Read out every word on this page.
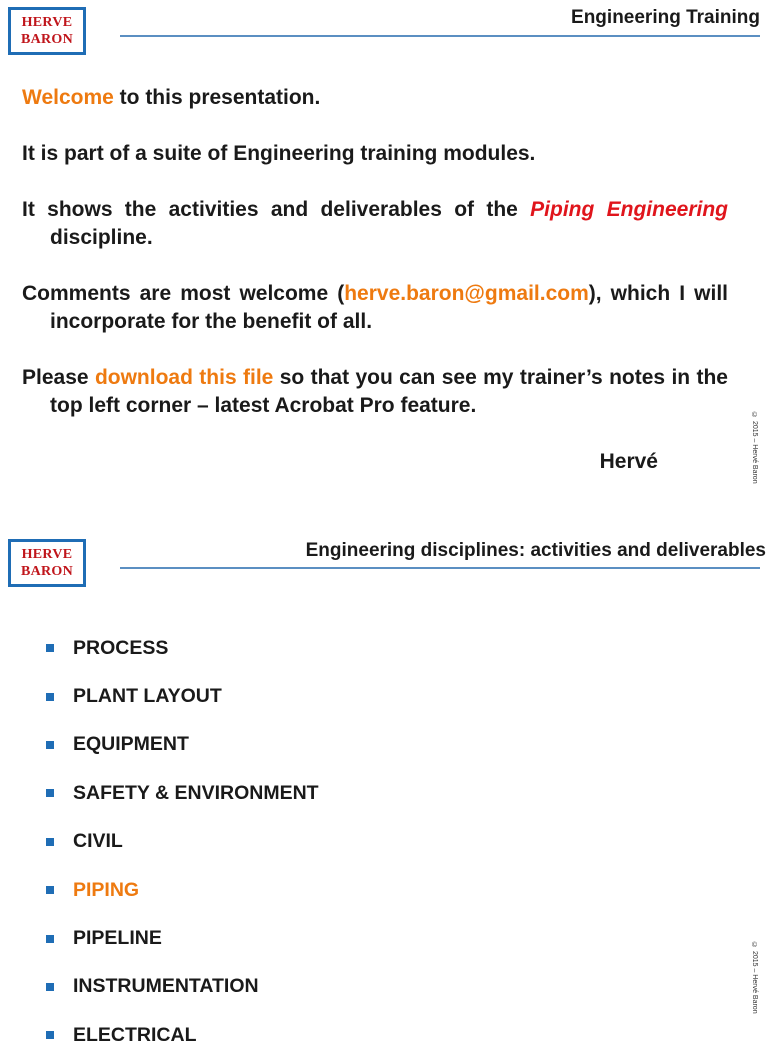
HERVE
BARON
Engineering Training

Welcome to this presentation.

It is part of a suite of Engineering training modules.

It shows the activities and deliverables of the Piping Engineering discipline.

Comments are most welcome (herve.baron@gmail.com), which I will incorporate for the benefit of all.

Please download this file so that you can see my trainer’s notes in the top left corner – latest Acrobat Pro feature.

Hervé	© 2015 – Hervé Baron
HERVE
BARON
Engineering disciplines: activities and deliverables
PROCESS
PLANT LAYOUT
EQUIPMENT
SAFETY & ENVIRONMENT
CIVIL
PIPING
PIPELINE
INSTRUMENTATION
ELECTRICAL
© 2015 – Hervé Baron
